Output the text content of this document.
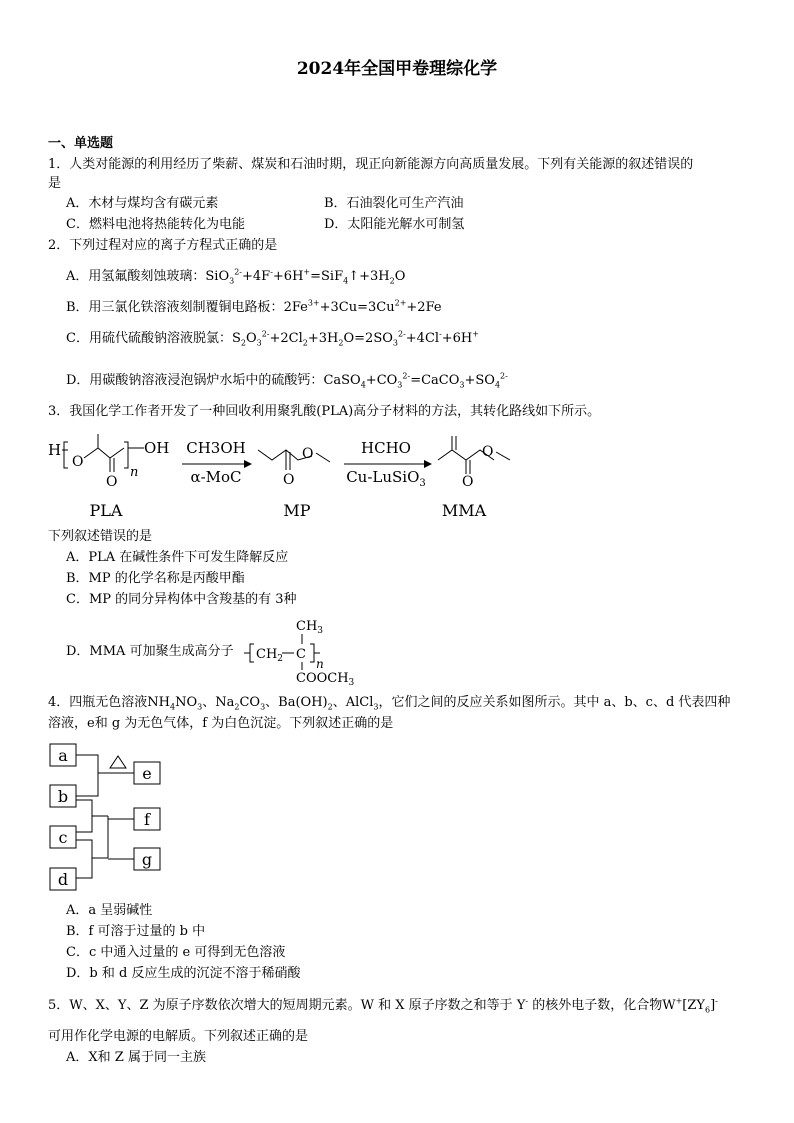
2024年全国甲卷理综化学
一、单选题
1．人类对能源的利用经历了柴薪、煤炭和石油时期，现正向新能源方向高质量发展。下列有关能源的叙述错误的
是
A．木材与煤均含有碳元素	B．石油裂化可生产汽油
C．燃料电池将热能转化为电能	D．太阳能光解水可制氢
2．下列过程对应的离子方程式正确的是
A．用氢氟酸刻蚀玻璃：$SiO_3^{2-}+4F^-+6H^+=SiF_4↑+3H_2O$
B．用三氯化铁溶液刻制覆铜电路板：$2Fe^{3+}+3Cu=3Cu^{2+}+2Fe$
C．用硫代硫酸钠溶液脱氯：$S_2O_3^{2-}+2Cl_2+3H_2O=2SO_3^{2-}+4Cl^-+6H^+$
D．用碳酸钠溶液浸泡锅炉水垢中的硫酸钙：$CaSO_4+CO_3^{2-}=CaCO_3+SO_4^{2-}$
3．我国化学工作者开发了一种回收利用聚乳酸(PLA)高分子材料的方法，其转化路线如下所示。
H
O
O
n
OH CH3OH
α-MoC	O
O	HCHO
Cu-LuSiO$_3$	O
O
PLA	MP	MMA
下列叙述错误的是
A．PLA 在碱性条件下可发生降解反应
B．MP 的化学名称是丙酸甲酯
C．MP 的同分异构体中含羧基的有 3种
D．MMA 可加聚生成高分子
$CH_3$
$CH_2$ C
n
$COOCH_3$
4．四瓶无色溶液$NH_4NO_3$、$Na_2CO_3$、$Ba(OH)_2$、AlCl$_3$，它们之间的反应关系如图所示。其中 a、b、c、d 代表四种
溶液，e和 g 为无色气体，f 为白色沉淀。下列叙述正确的是
a
b
c
d
e
f
g
A．a 呈弱碱性
B．f 可溶于过量的 b 中
C．c 中通入过量的 e 可得到无色溶液
D．b 和 d 反应生成的沉淀不溶于稀硝酸
5．W、X、Y、Z 为原子序数依次增大的短周期元素。W 和 X 原子序数之和等于 Y- 的核外电子数，化合物$W^+[ZY_6]^-$
可用作化学电源的电解质。下列叙述正确的是
A．X和 Z 属于同一主族
